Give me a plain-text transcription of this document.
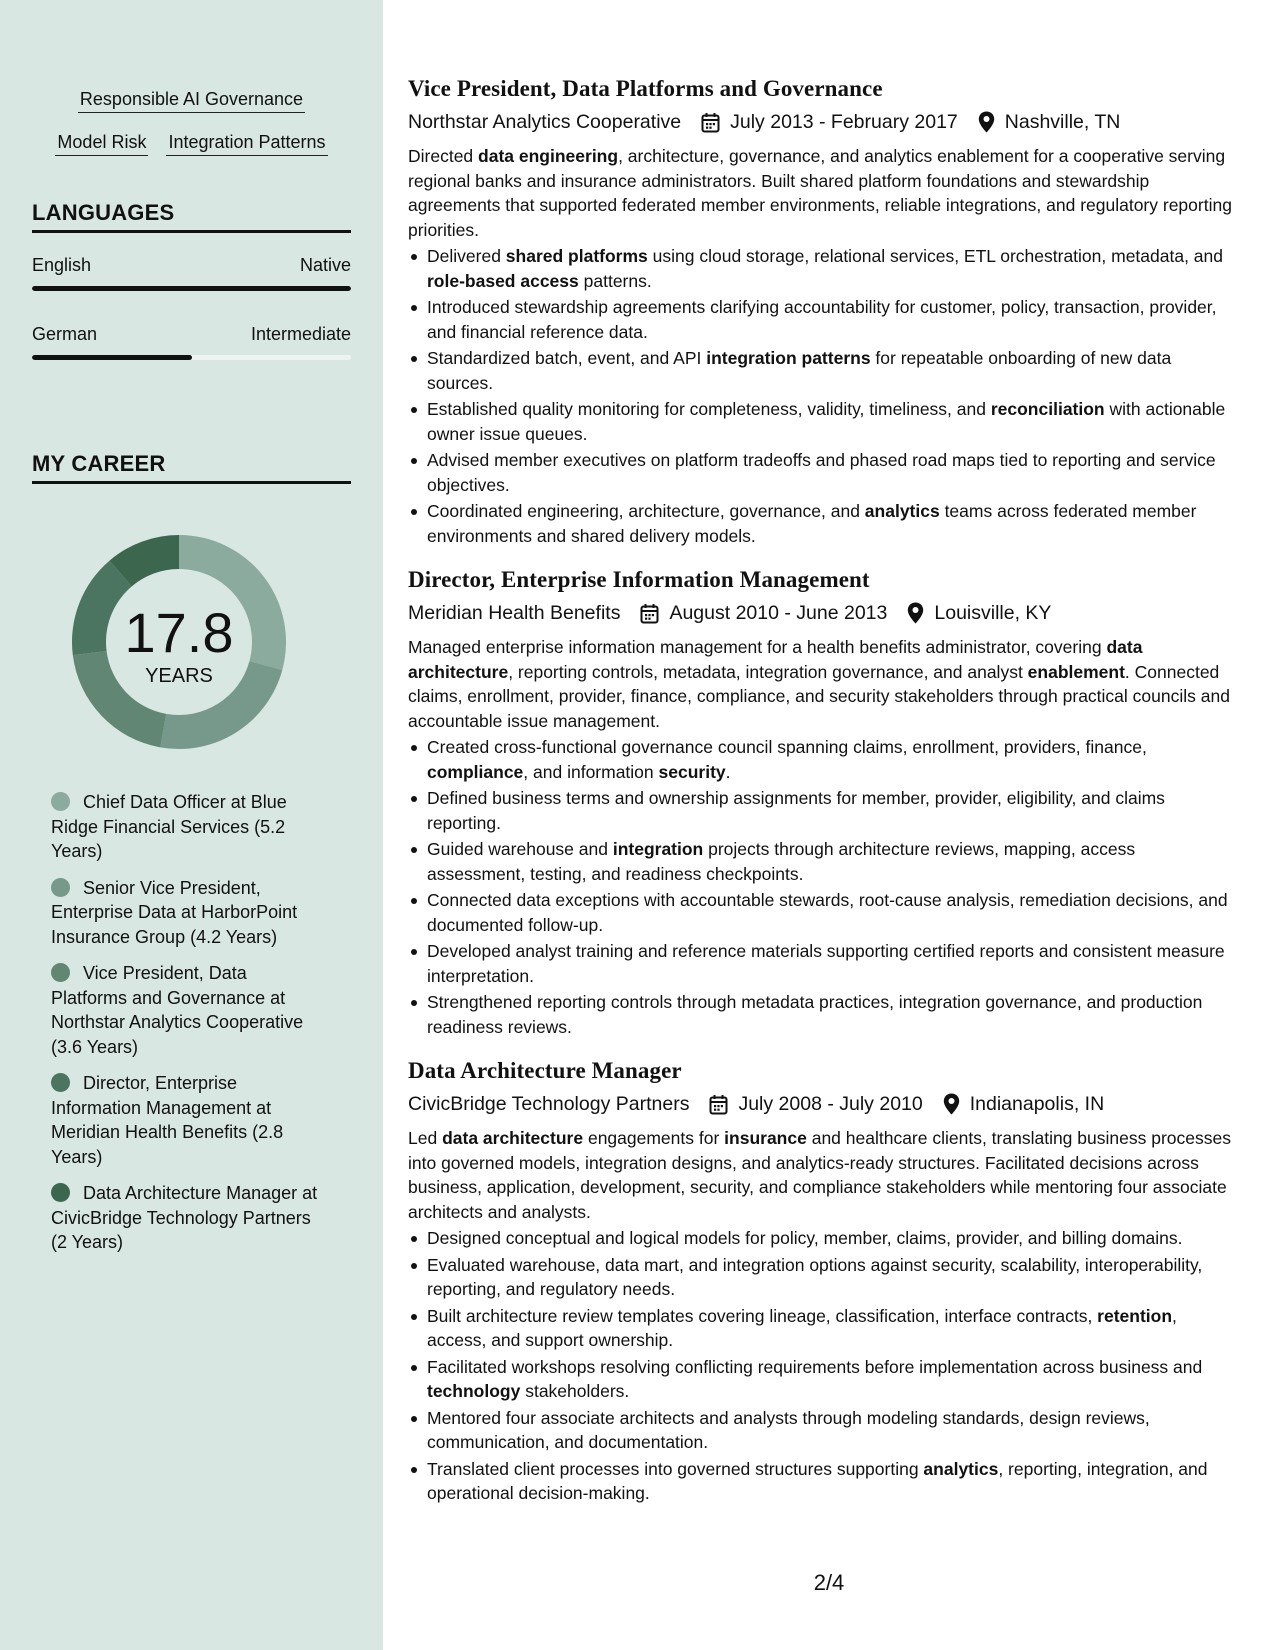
Responsible AI Governance
Model Risk Integration Patterns
LANGUAGES
English	Native
German	Intermediate
MY CAREER
17.8
YEARS
Chief Data Officer at Blue Ridge Financial Services (5.2 Years)
Senior Vice President, Enterprise Data at HarborPoint Insurance Group (4.2 Years)
Vice President, Data Platforms and Governance at Northstar Analytics Cooperative (3.6 Years)
Director, Enterprise Information Management at Meridian Health Benefits (2.8 Years)
Data Architecture Manager at CivicBridge Technology Partners (2 Years)
Vice President, Data Platforms and Governance
Northstar Analytics Cooperative	July 2013 - February 2017 Nashville, TN

Directed data engineering, architecture, governance, and analytics enablement for a cooperative serving regional banks and insurance administrators. Built shared platform foundations and stewardship agreements that supported federated member environments, reliable integrations, and regulatory reporting priorities.

Delivered shared platforms using cloud storage, relational services, ETL orchestration, metadata, and role-based access patterns.
Introduced stewardship agreements clarifying accountability for customer, policy, transaction, provider, and financial reference data.
Standardized batch, event, and API integration patterns for repeatable onboarding of new data sources.
Established quality monitoring for completeness, validity, timeliness, and reconciliation with actionable owner issue queues.
Advised member executives on platform tradeoffs and phased road maps tied to reporting and service objectives.
Coordinated engineering, architecture, governance, and analytics teams across federated member environments and shared delivery models.
Director, Enterprise Information Management
Meridian Health Benefits	August 2010 - June 2013 Louisville, KY

Managed enterprise information management for a health benefits administrator, covering data architecture, reporting controls, metadata, integration governance, and analyst enablement. Connected claims, enrollment, provider, finance, compliance, and security stakeholders through practical councils and accountable issue management.

Created cross-functional governance council spanning claims, enrollment, providers, finance, compliance, and information security.
Defined business terms and ownership assignments for member, provider, eligibility, and claims reporting.
Guided warehouse and integration projects through architecture reviews, mapping, access assessment, testing, and readiness checkpoints.
Connected data exceptions with accountable stewards, root-cause analysis, remediation decisions, and documented follow-up.
Developed analyst training and reference materials supporting certified reports and consistent measure interpretation.
Strengthened reporting controls through metadata practices, integration governance, and production readiness reviews.
Data Architecture Manager
CivicBridge Technology Partners	July 2008 - July 2010 Indianapolis, IN

Led data architecture engagements for insurance and healthcare clients, translating business processes into governed models, integration designs, and analytics-ready structures. Facilitated decisions across business, application, development, security, and compliance stakeholders while mentoring four associate architects and analysts.

Designed conceptual and logical models for policy, member, claims, provider, and billing domains.
Evaluated warehouse, data mart, and integration options against security, scalability, interoperability, reporting, and regulatory needs.
Built architecture review templates covering lineage, classification, interface contracts, retention, access, and support ownership.
Facilitated workshops resolving conflicting requirements before implementation across business and technology stakeholders.
Mentored four associate architects and analysts through modeling standards, design reviews, communication, and documentation.
Translated client processes into governed structures supporting analytics, reporting, integration, and operational decision-making.
2/4
